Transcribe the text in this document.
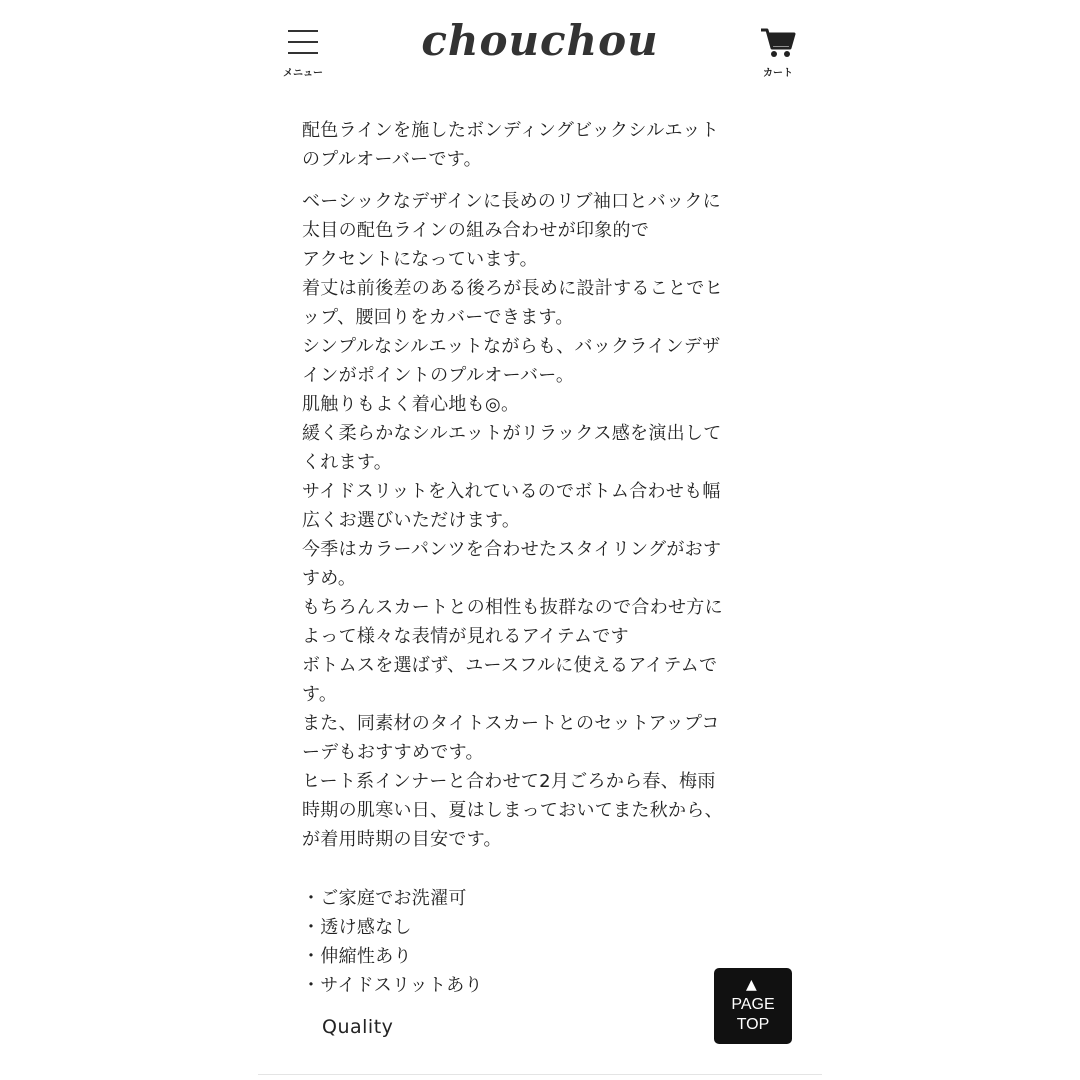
メニュー
chouchou
カート

配色ラインを施したボンディングビックシルエット

のプルオーバーです。

ベーシックなデザインに長めのリブ袖口とバックに

太目の配色ラインの組み合わせが印象的で

アクセントになっています。

着丈は前後差のある後ろが長めに設計することでヒ

ップ、腰回りをカバーできます。

シンプルなシルエットながらも、バックラインデザ

インがポイントのプルオーバー。

肌触りもよく着心地も◎。

緩く柔らかなシルエットがリラックス感を演出して

くれます。

サイドスリットを入れているのでボトム合わせも幅

広くお選びいただけます。

今季はカラーパンツを合わせたスタイリングがおす

すめ。

もちろんスカートとの相性も抜群なので合わせ方に

よって様々な表情が見れるアイテムです

ボトムスを選ばず、ユースフルに使えるアイテムで

す。

また、同素材のタイトスカートとのセットアップコ

ーデもおすすめです。

ヒート系インナーと合わせて2月ごろから春、梅雨

時期の肌寒い日、夏はしまっておいてまた秋から、

が着用時期の目安です。

・ご家庭でお洗濯可

・透け感なし

・伸縮性あり

・サイドスリットあり

Quality
▲
PAGE
TOP
